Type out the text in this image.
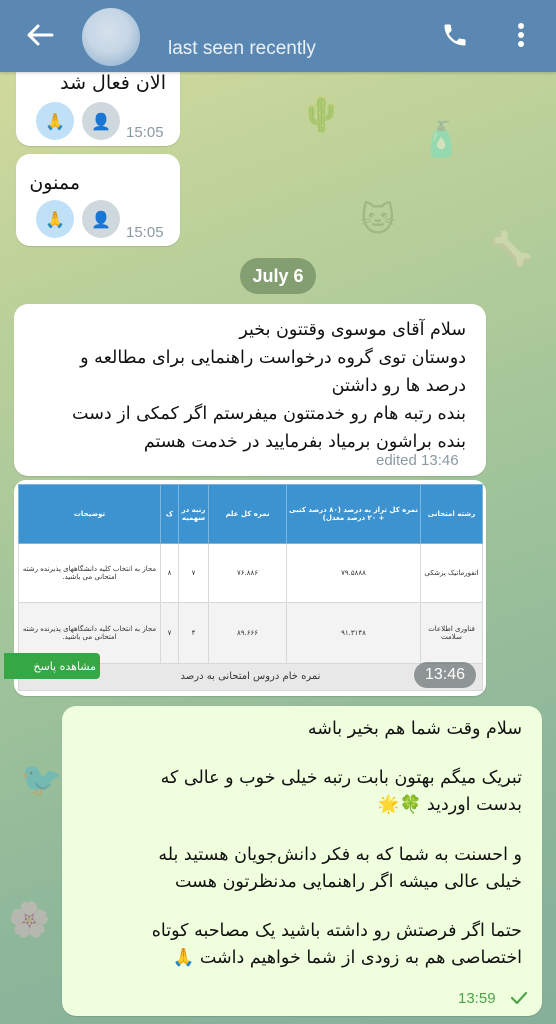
🌵
🧴
🐱
🦴
🐦
🌸
last seen recently
الان فعال شد
🙏	👤
15:05
ممنون
🙏	👤
15:05
July 6
سلام آقای موسوی وقتتون بخیر
دوستان توی گروه درخواست راهنمایی برای مطالعه و
درصد ها رو داشتن
بنده رتبه هام رو خدمتتون میفرستم اگر کمکی از دست
بنده براشون برمیاد بفرمایید در خدمت هستم
edited 13:46
رشته امتحانی	نمره کل تراز به درصد (۸۰ درصد کتبی + ۲۰ درصد معدل)	نمره کل علم	رتبه در سهمیه	ک	توضیحات
اتفورماتیک پزشکی	۷۹.۵۸۸۸	۷۶.۸۸۶	۷	۸	مجاز به انتخاب کلیه دانشگاههای پذیرنده رشته امتحانی می باشید.
فناوری اطلاعات سلامت	۹۱.۳۱۴۸	۸۹.۶۶۶	۴	۷	مجاز به انتخاب کلیه دانشگاههای پذیرنده رشته امتحانی می باشید.
نمره خام دروس امتحانی به درصد					
مشاهده پاسخ	13:46
سلام وقت شما هم بخیر باشه
تبریک میگم بهتون بابت رتبه خیلی خوب و عالی که
بدست اوردید 🍀🌟
و احسنت به شما که به فکر دانش‌جویان هستید بله
خیلی عالی میشه اگر راهنمایی مدنظرتون هست
حتما اگر فرصتش رو داشته باشید یک مصاحبه کوتاه
اختصاصی هم به زودی از شما خواهیم داشت 🙏
13:59
